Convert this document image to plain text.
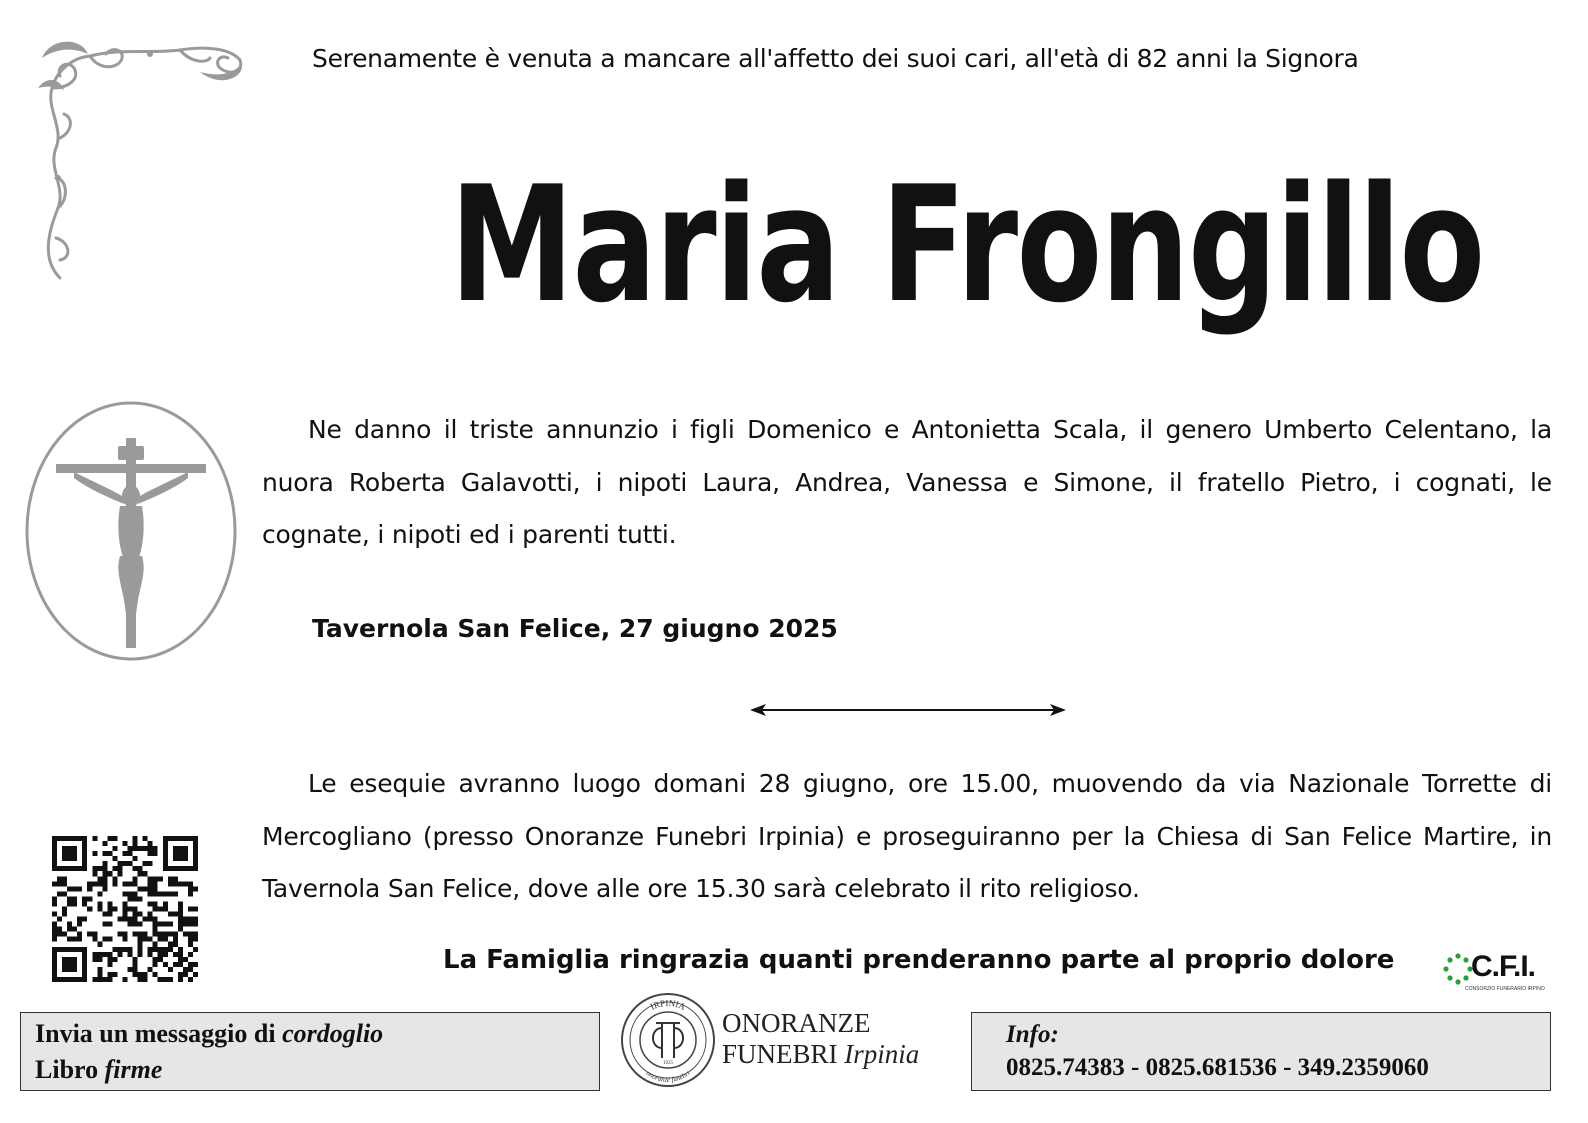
Serenamente è venuta a mancare all'affetto dei suoi cari, all'età di 82 anni la Signora
Maria Frongillo
Ne danno il triste annunzio i figli Domenico e Antonietta Scala, il genero Umberto Celentano, la nuora Roberta Galavotti, i nipoti Laura, Andrea, Vanessa e Simone, il fratello Pietro, i cognati, le cognate, i nipoti ed i parenti tutti.
Tavernola San Felice, 27 giugno 2025
Le esequie avranno luogo domani 28 giugno, ore 15.00, muovendo da via Nazionale Torrette di Mercogliano (presso Onoranze Funebri Irpinia) e proseguiranno per la Chiesa di San Felice Martire, in Tavernola San Felice, dove alle ore 15.30 sarà celebrato il rito religioso.
La Famiglia ringrazia quanti prenderanno parte al proprio dolore	C.F.I.
CONSORZIO FUNERARIO IRPINO
Invia un messaggio di cordoglio
Libro firme
IRPINIA
onoranze funebri
1925
ONORANZE
FUNEBRI Irpinia
Info:
0825.74383 - 0825.681536 - 349.2359060
